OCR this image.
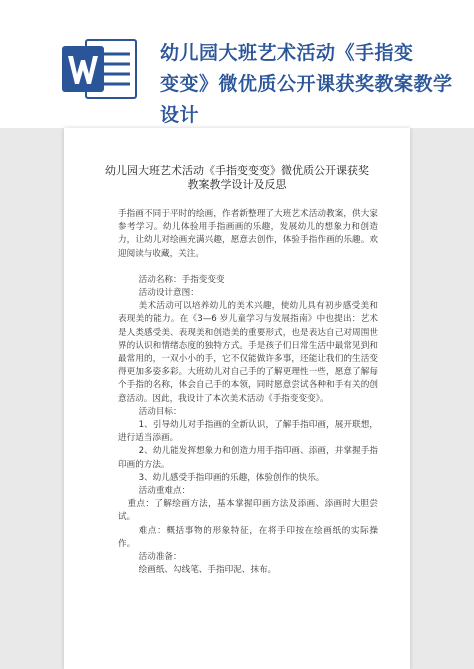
幼儿园大班艺术活动《手指变
变变》微优质公开课获奖教案教学设计
幼儿园大班艺术活动《手指变变变》微优质公开课获奖
教案教学设计及反思

手指画不同于平时的绘画，作者新整理了大班艺术活动教案，供大家参考学习。幼儿体验用手指画画的乐趣，发展幼儿的想象力和创造力，让幼儿对绘画充满兴趣，愿意去创作，体验手指作画的乐趣。欢迎阅读与收藏，关注。

活动名称：手指变变变

活动设计意图：

美术活动可以培养幼儿的美术兴趣，使幼儿具有初步感受美和表现美的能力。在《3—6 岁儿童学习与发展指南》中也提出：艺术是人类感受美、表现美和创造美的重要形式，也是表达自己对周围世界的认识和情绪态度的独特方式。手是孩子们日常生活中最常见到和最常用的，一双小小的手，它不仅能做许多事，还能让我们的生活变得更加多姿多彩。大班幼儿对自己手的了解更理性一些，愿意了解每个手指的名称，体会自己手的本领，同时愿意尝试各种和手有关的创意活动。因此，我设计了本次美术活动《手指变变变》。

活动目标：

1、引导幼儿对手指画的全新认识，了解手指印画，展开联想，进行适当添画。

2、幼儿能发挥想象力和创造力用手指印画、添画，并掌握手指印画的方法。

3、幼儿感受手指印画的乐趣，体验创作的快乐。

活动重难点：

重点：了解绘画方法，基本掌握印画方法及添画、添画时大胆尝试。

难点：概括事物的形象特征，在将手印按在绘画纸的实际操作。

活动准备：

绘画纸、勾线笔、手指印泥、抹布。
